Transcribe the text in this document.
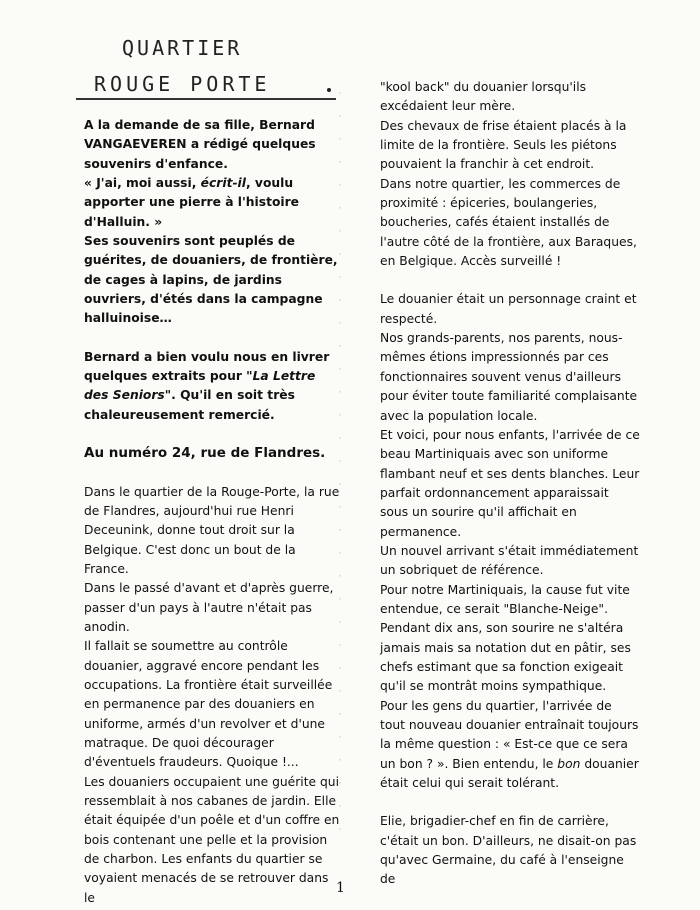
·
·
·
·
·
·
·
·
·
·
·
·
·
·
·
·
·
·
·
·
·
·
·
·
·
·
·
·
·
·
·
·
·
QUARTIER
ROUGE PORTE

A la demande de sa fille, Bernard VANGAEVEREN a rédigé quelques souvenirs d'enfance.
« J'ai, moi aussi, écrit-il, voulu apporter une pierre à l'histoire d'Halluin. »

Ses souvenirs sont peuplés de guérites, de douaniers, de frontière, de cages à lapins, de jardins ouvriers, d'étés dans la campagne halluinoise…

Bernard a bien voulu nous en livrer quelques extraits pour "La Lettre des Seniors". Qu'il en soit très chaleureusement remercié.

Au numéro 24, rue de Flandres.

Dans le quartier de la Rouge-Porte, la rue de Flandres, aujourd'hui rue Henri Deceunink, donne tout droit sur la Belgique. C'est donc un bout de la France.

Dans le passé d'avant et d'après guerre, passer d'un pays à l'autre n'était pas anodin.

Il fallait se soumettre au contrôle douanier, aggravé encore pendant les occupations. La frontière était surveillée en permanence par des douaniers en uniforme, armés d'un revolver et d'une matraque. De quoi décourager d'éventuels fraudeurs. Quoique !...

Les douaniers occupaient une guérite qui ressemblait à nos cabanes de jardin. Elle était équipée d'un poêle et d'un coffre en bois contenant une pelle et la provision de charbon. Les enfants du quartier se voyaient menacés de se retrouver dans le

"kool back" du douanier lorsqu'ils excédaient leur mère.

Des chevaux de frise étaient placés à la limite de la frontière. Seuls les piétons pouvaient la franchir à cet endroit.

Dans notre quartier, les commerces de proximité : épiceries, boulangeries, boucheries, cafés étaient installés de l'autre côté de la frontière, aux Baraques, en Belgique. Accès surveillé !

Le douanier était un personnage craint et respecté.

Nos grands-parents, nos parents, nous-mêmes étions impressionnés par ces fonctionnaires souvent venus d'ailleurs pour éviter toute familiarité complaisante avec la population locale.

Et voici, pour nous enfants, l'arrivée de ce beau Martiniquais avec son uniforme flambant neuf et ses dents blanches. Leur parfait ordonnancement apparaissait sous un sourire qu'il affichait en permanence.

Un nouvel arrivant s'était immédiatement un sobriquet de référence.

Pour notre Martiniquais, la cause fut vite entendue, ce serait "Blanche-Neige". Pendant dix ans, son sourire ne s'altéra jamais mais sa notation dut en pâtir, ses chefs estimant que sa fonction exigeait qu'il se montrât moins sympathique.

Pour les gens du quartier, l'arrivée de tout nouveau douanier entraînait toujours la même question : « Est-ce que ce sera un bon ? ». Bien entendu, le bon douanier était celui qui serait tolérant.

Elie, brigadier-chef en fin de carrière, c'était un bon. D'ailleurs, ne disait-on pas qu'avec Germaine, du café à l'enseigne de

1
